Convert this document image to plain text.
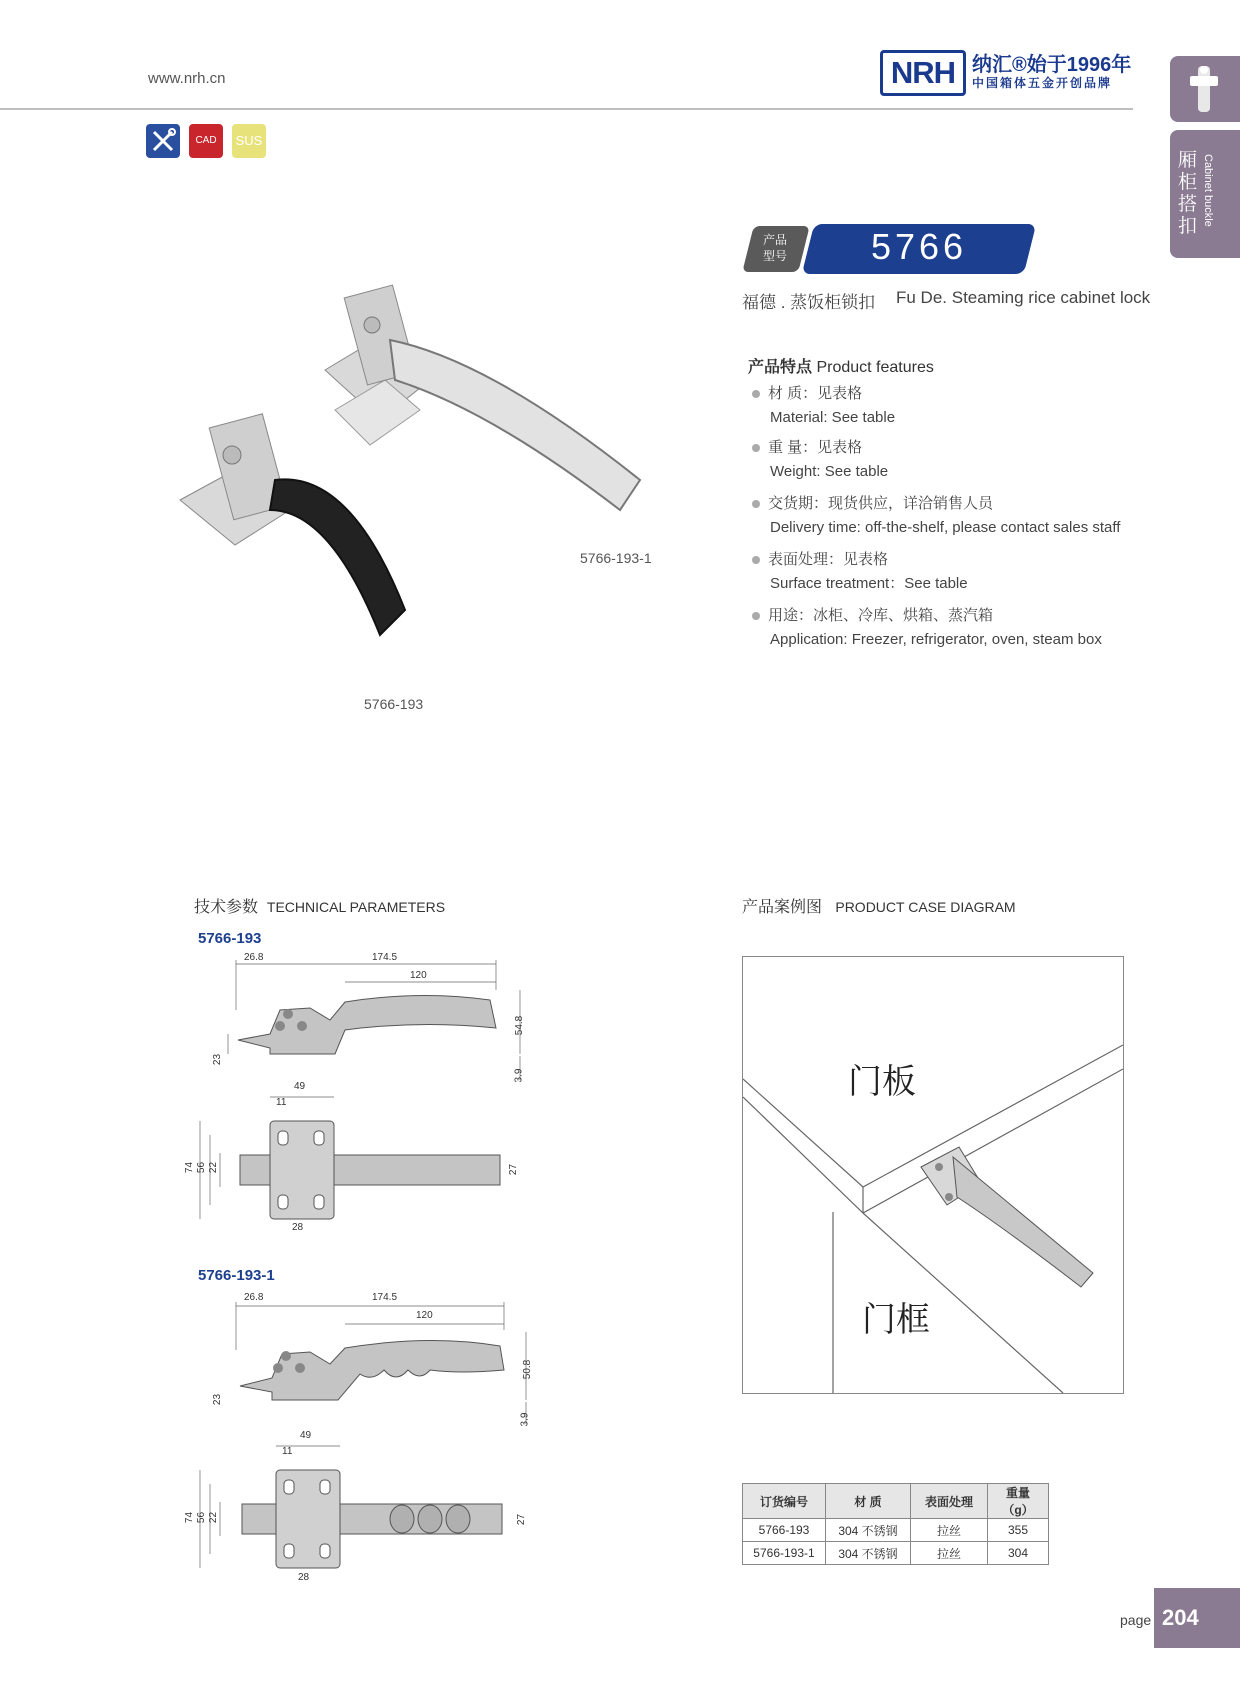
www.nrh.cn	NRH 纳汇®始于1996年
中国箱体五金开创品牌
CAD	SUS
厢柜搭扣 Cabinet buckle
产品型号	5766
福德 . 蒸饭柜锁扣 Fu De. Steaming rice cabinet lock
5766-193-1
5766-193
产品特点 Product features
材 质：见表格
Material: See table
重 量：见表格
Weight: See table
交货期：现货供应，详洽销售人员
Delivery time: off-the-shelf, please contact sales staff
表面处理：见表格
Surface treatment：See table
用途：冰柜、冷库、烘箱、蒸汽箱
Application: Freezer, refrigerator, oven, steam box
技术参数 TECHNICAL PARAMETERS
5766-193
5766-193-1
26.8	174.5
120
23
54.8
3.9
49
11
74 56 22	27
28
26.8	174.5
120
23
50.8
3.9
49
11
74 56 22	27
28
产品案例图 PRODUCT CASE DIAGRAM
门板
门框
订货编号	材 质	表面处理	重量（g）
5766-193	304 不锈钢	拉丝	355
5766-193-1	304 不锈钢	拉丝	304
page 204
